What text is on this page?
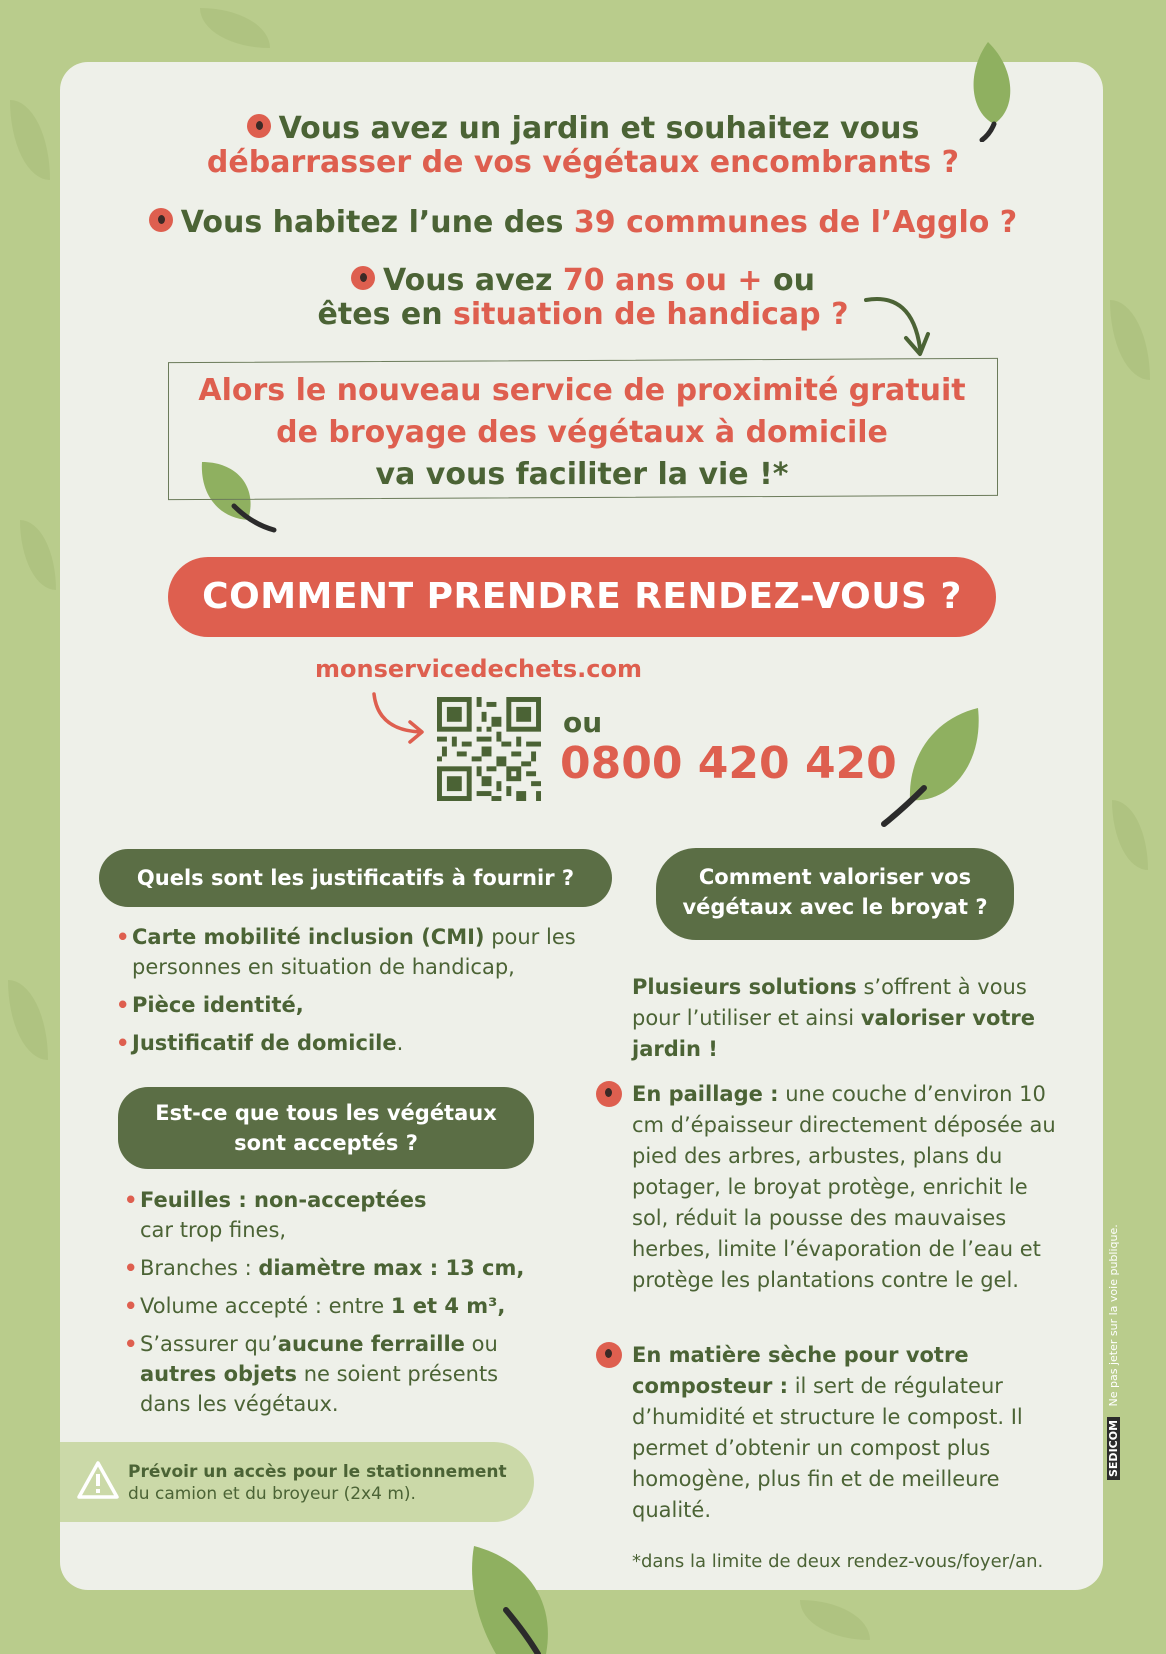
Vous avez un jardin et souhaitez vous
débarrasser de vos végétaux encombrants ?
Vous habitez l’une des 39 communes de l’Agglo ?
Vous avez 70 ans ou + ou
êtes en situation de handicap ?
Alors le nouveau service de proximité gratuit
de broyage des végétaux à domicile
va vous faciliter la vie !*
COMMENT PRENDRE RENDEZ-VOUS ?
monservicedechets.com
ou
0800 420 420
Quels sont les justificatifs à fournir ?
• Carte mobilité inclusion (CMI) pour les personnes en situation de handicap,
• Pièce identité,
• Justificatif de domicile.
Est-ce que tous les végétaux
sont acceptés ?
• Feuilles : non-acceptées
car trop fines,
• Branches : diamètre max : 13 cm,
• Volume accepté : entre 1 et 4 m³,
• S’assurer qu’aucune ferraille ou autres objets ne soient présents dans les végétaux.
Comment valoriser vos
végétaux avec le broyat ?
Plusieurs solutions s’offrent à vous pour l’utiliser et ainsi valoriser votre jardin !
En paillage : une couche d’environ 10 cm d’épaisseur directement déposée au pied des arbres, arbustes, plans du potager, le broyat protège, enrichit le sol, réduit la pousse des mauvaises herbes, limite l’évaporation de l’eau et protège les plantations contre le gel.
En matière sèche pour votre composteur : il sert de régulateur d’humidité et structure le compost. Il permet d’obtenir un compost plus homogène, plus fin et de meilleure qualité.
Prévoir un accès pour le stationnement
du camion et du broyeur (2x4 m).
*dans la limite de deux rendez-vous/foyer/an.
SEDICOM   Ne pas jeter sur la voie publique.
